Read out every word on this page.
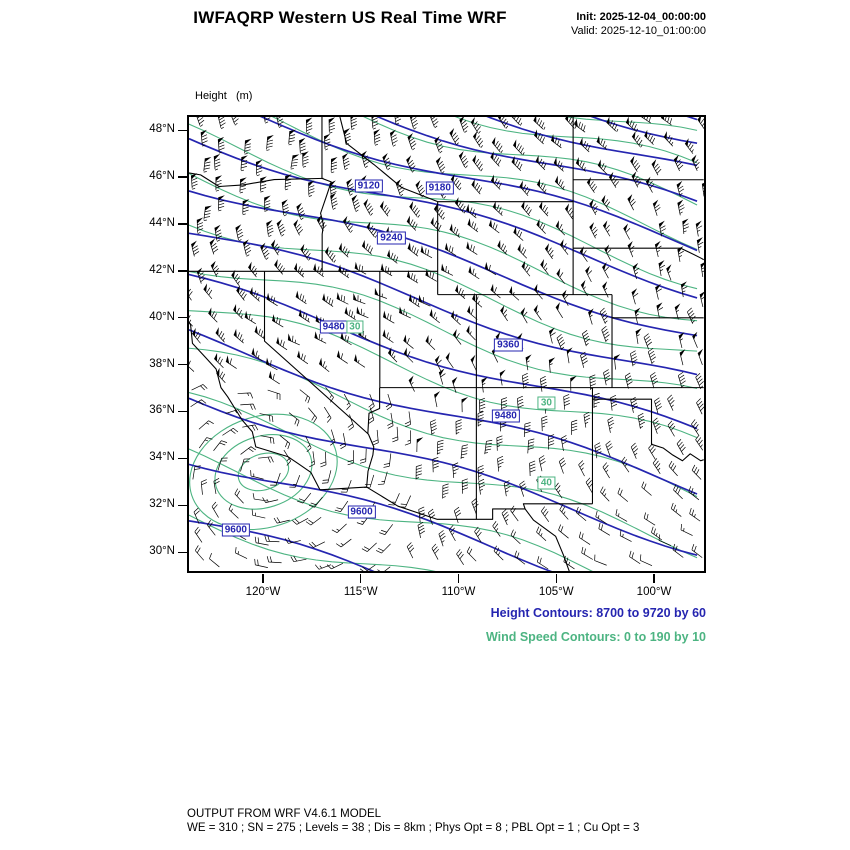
IWFAQRP Western US Real Time WRF	Init: 2025-12-04_00:00:00
Valid: 2025-12-10_01:00:00

Height   (m)

9120	9180
9240
9480
9360
9480
9600
9600
30
30
40
48°N
46°N
44°N
42°N
40°N
38°N
36°N
34°N
32°N
30°N
120°W	115°W	110°W	105°W	100°W
Height Contours: 8700 to 9720 by 60
Wind Speed Contours: 0 to 190 by 10
OUTPUT FROM WRF V4.6.1 MODEL
WE = 310 ; SN = 275 ; Levels = 38 ; Dis = 8km ; Phys Opt = 8 ; PBL Opt = 1 ; Cu Opt = 3
